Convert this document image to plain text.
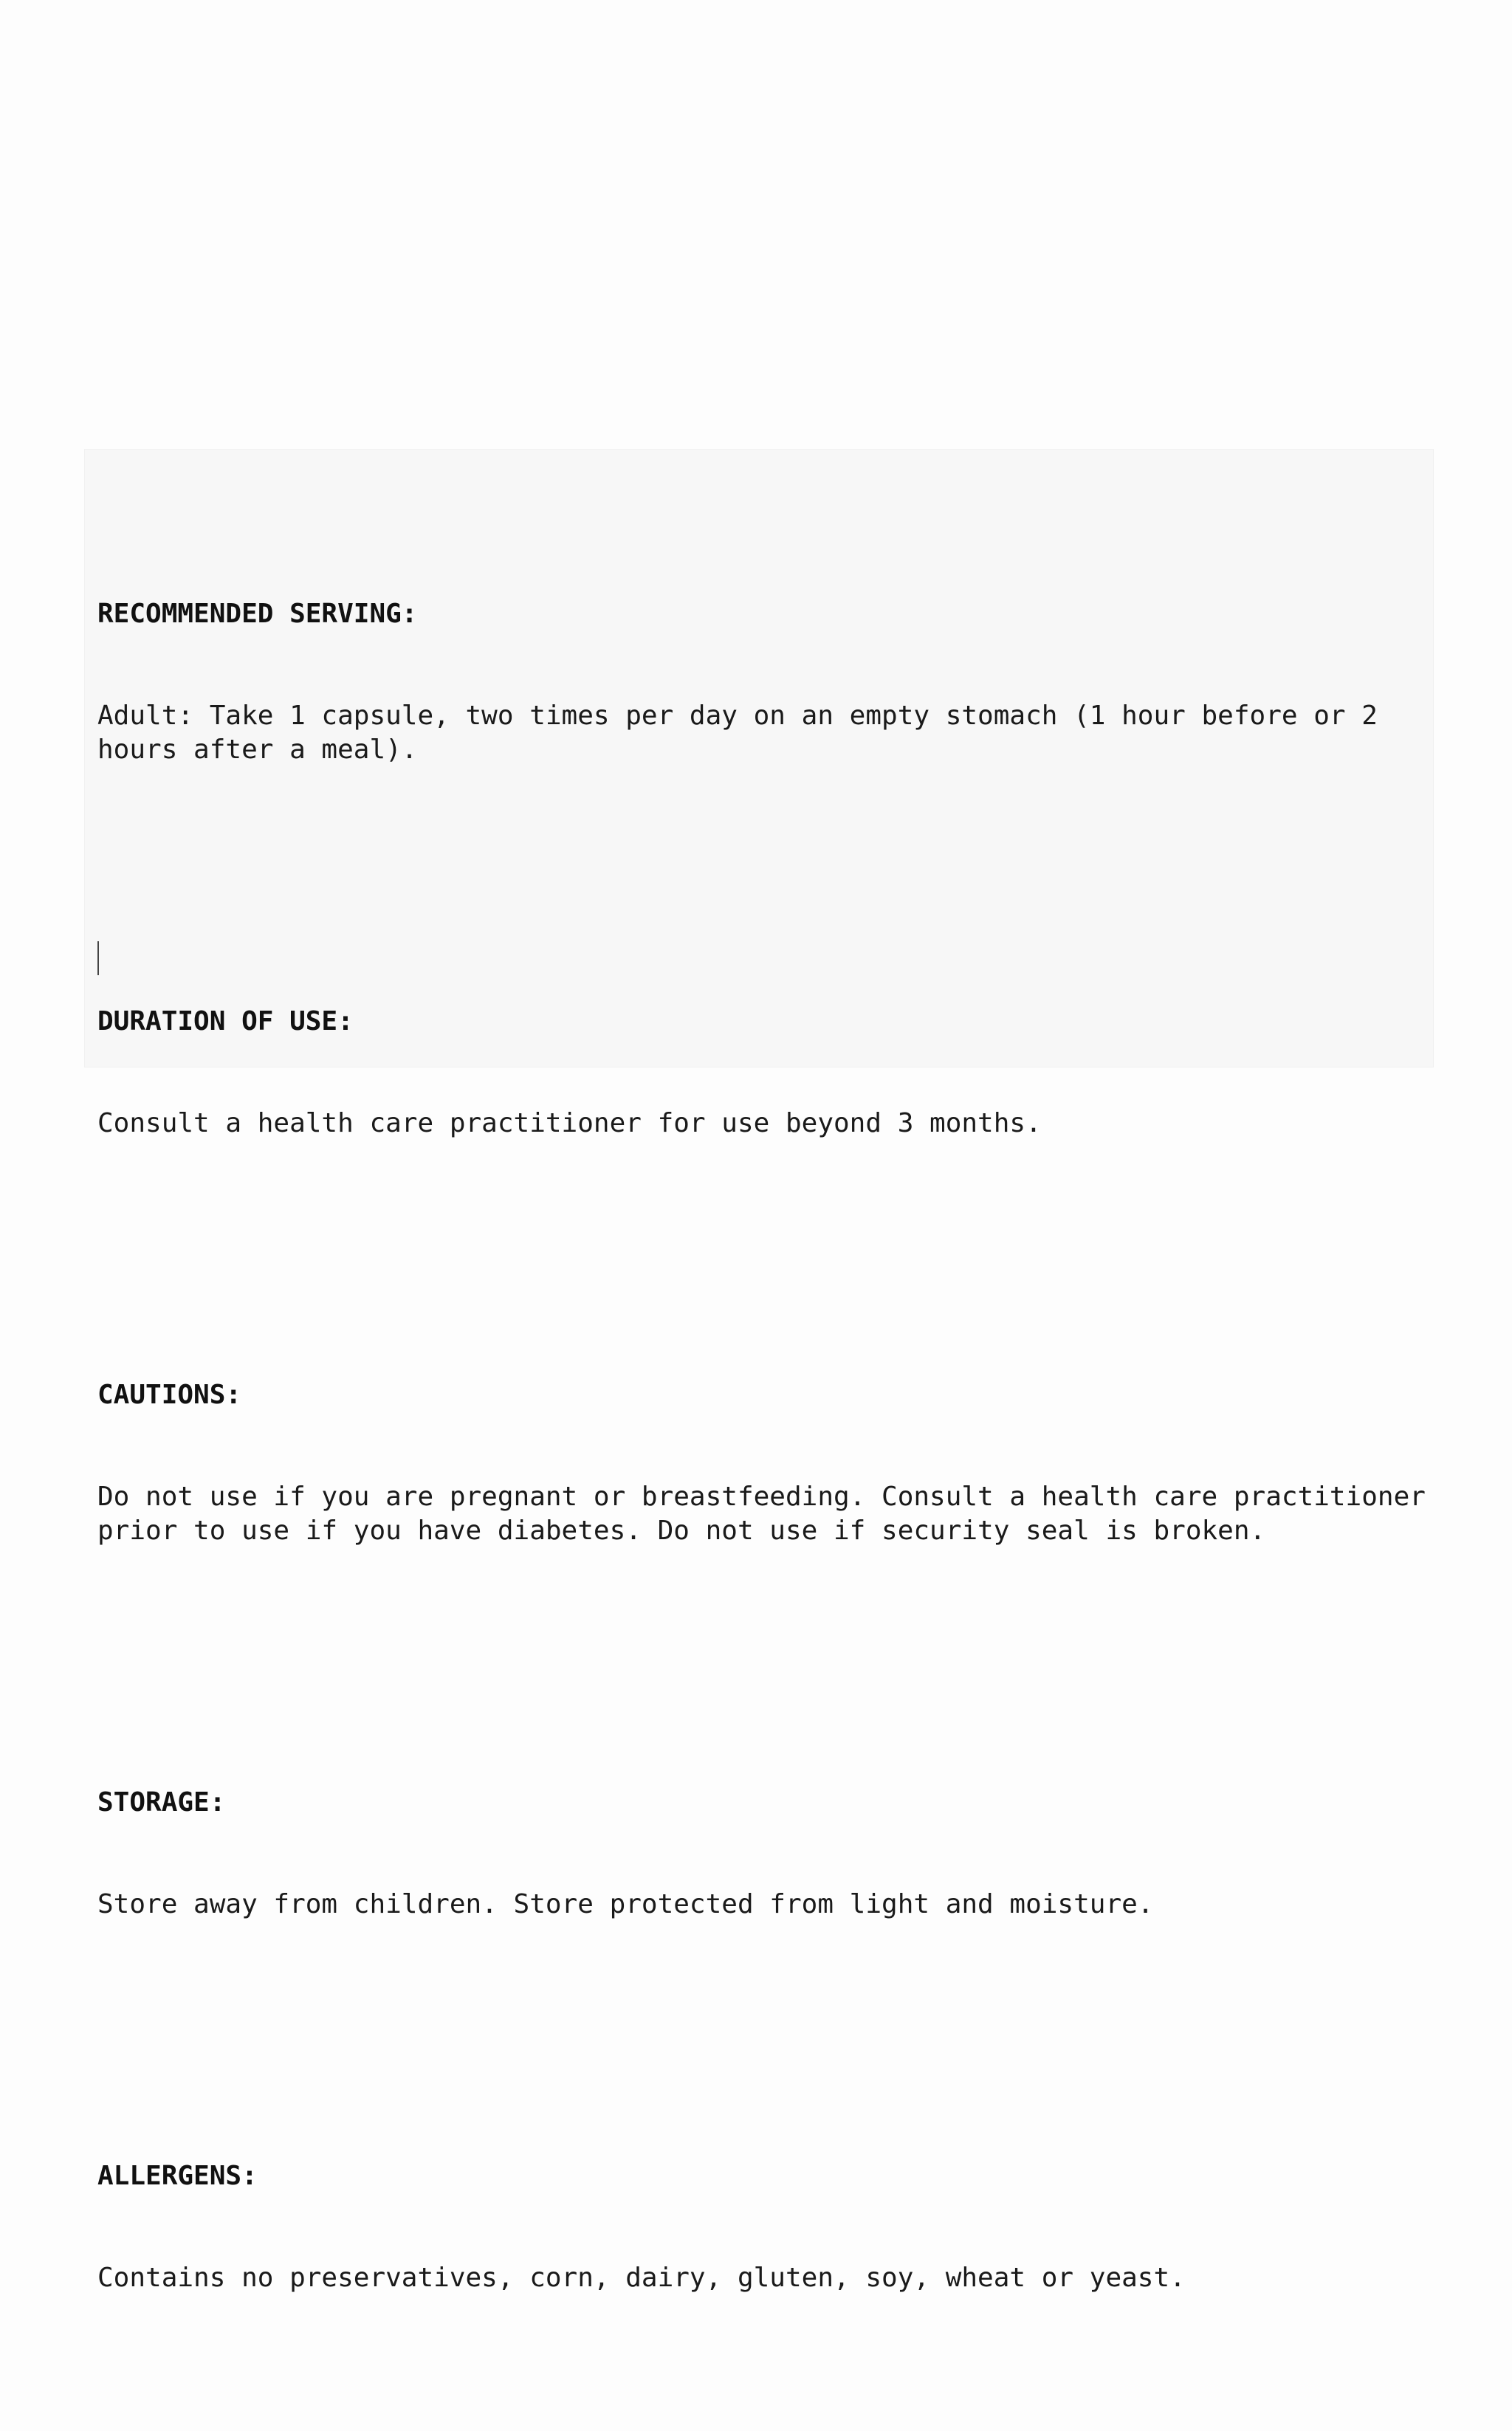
RECOMMENDED SERVING:

Adult: Take 1 capsule, two times per day on an empty stomach (1 hour before or 2 hours after a meal).

DURATION OF USE:

Consult a health care practitioner for use beyond 3 months.

CAUTIONS:

Do not use if you are pregnant or breastfeeding. Consult a health care practitioner prior to use if you have diabetes. Do not use if security seal is broken.

STORAGE:

Store away from children. Store protected from light and moisture.

ALLERGENS:

Contains no preservatives, corn, dairy, gluten, soy, wheat or yeast.
